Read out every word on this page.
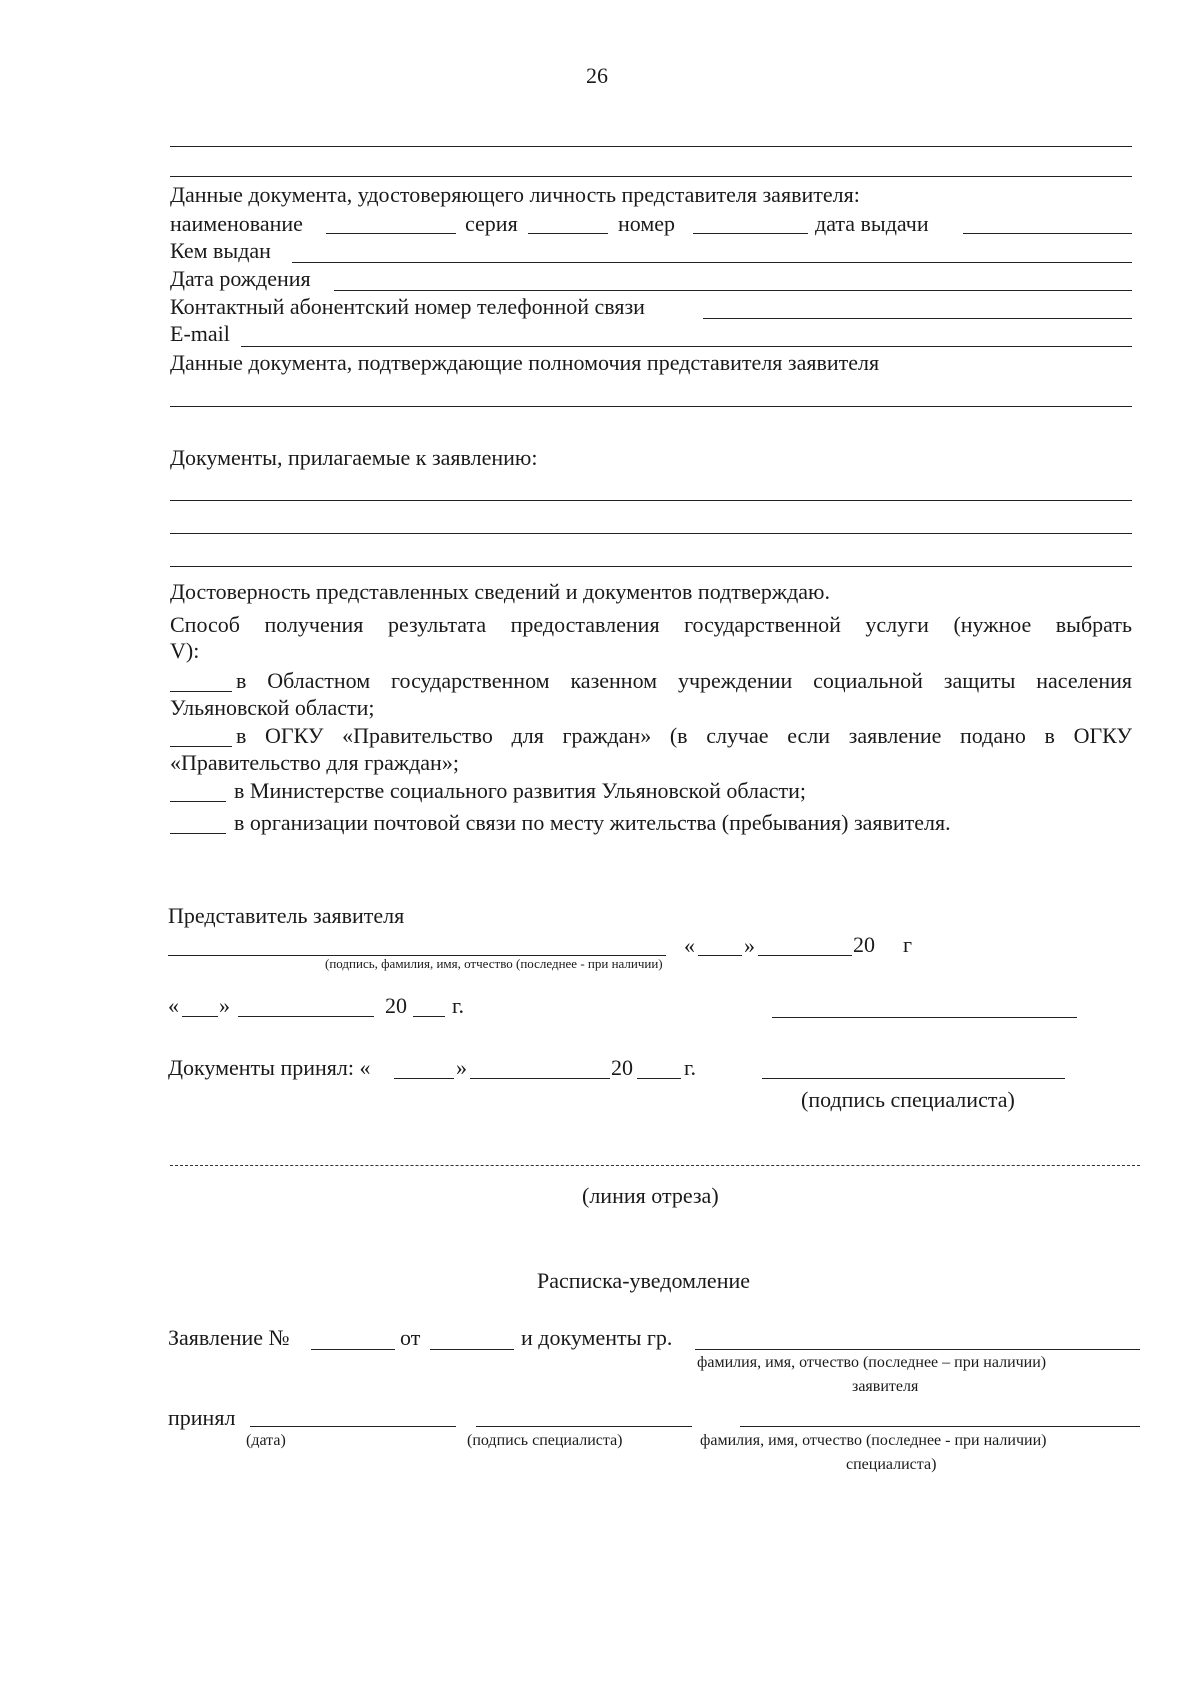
26
Данные документа, удостоверяющего личность представителя заявителя:
наименование	серия	номер	дата выдачи
Кем выдан
Дата рождения
Контактный абонентский номер телефонной связи
E-mail
Данные документа, подтверждающие полномочия представителя заявителя
Документы, прилагаемые к заявлению:
Достоверность представленных сведений и документов подтверждаю.
Способ получения результата предоставления государственной услуги (нужное выбрать
V):
в Областном государственном казенном учреждении социальной защиты населения
Ульяновской области;
в ОГКУ «Правительство для граждан» (в случае если заявление подано в ОГКУ
«Правительство для граждан»;
в Министерстве социального развития Ульяновской области;
в организации почтовой связи по месту жительства (пребывания) заявителя.
Представитель заявителя
« »	20 г
(подпись, фамилия, имя, отчество (последнее - при наличии)
« »	20 г.
Документы принял: «	»	20 г.
(подпись специалиста)
(линия отреза)
Расписка-уведомление
Заявление №	от	и документы гр.
фамилия, имя, отчество (последнее – при наличии)
заявителя
принял
(дата)	(подпись специалиста)	фамилия, имя, отчество (последнее - при наличии)
специалиста)
